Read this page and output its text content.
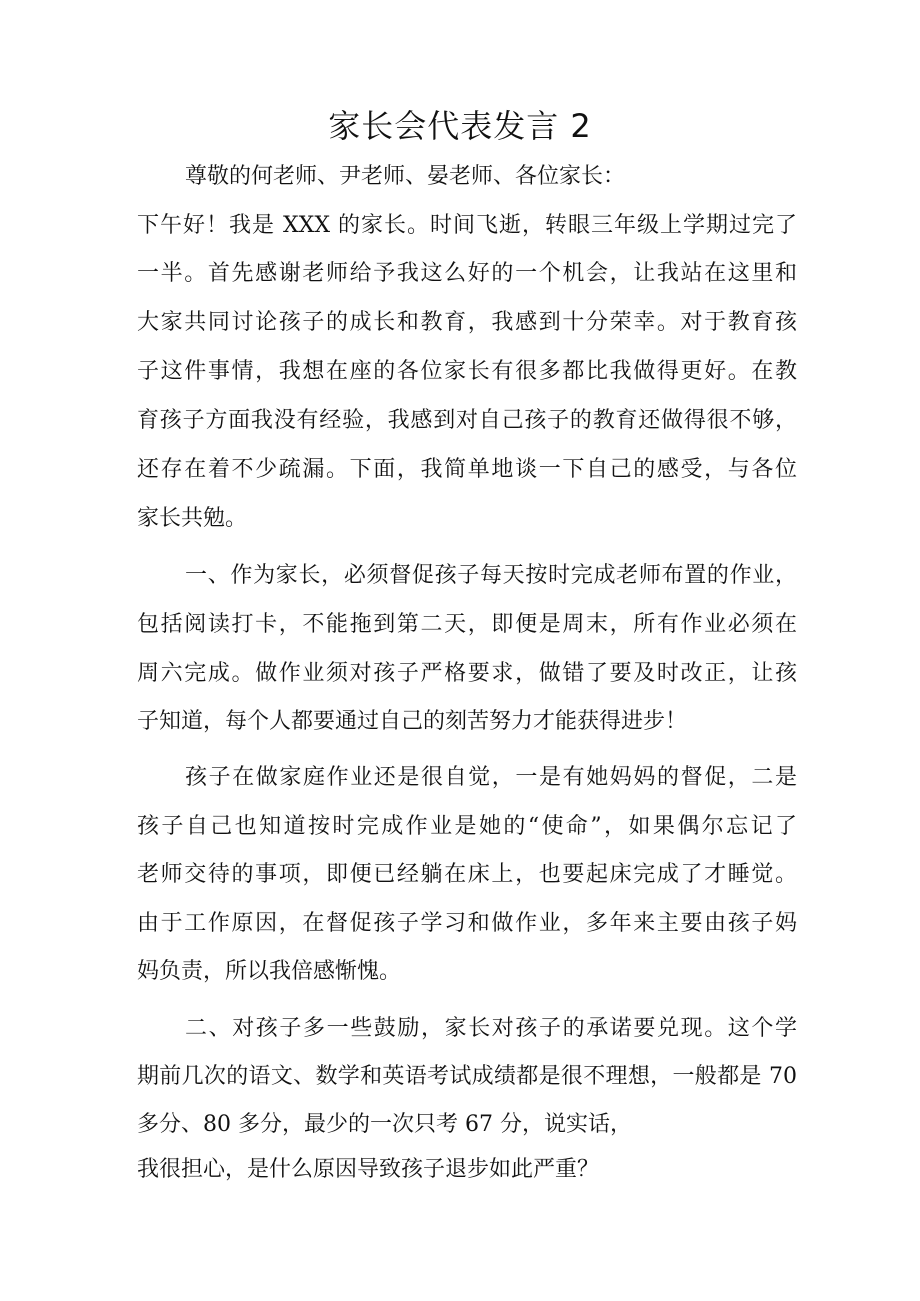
家长会代表发言 2
尊敬的何老师、尹老师、晏老师、各位家长：
下午好！我是 XXX 的家长。时间飞逝，转眼三年级上学期过完了
一半。首先感谢老师给予我这么好的一个机会，让我站在这里和
大家共同讨论孩子的成长和教育，我感到十分荣幸。对于教育孩
子这件事情，我想在座的各位家长有很多都比我做得更好。在教
育孩子方面我没有经验，我感到对自己孩子的教育还做得很不够，
还存在着不少疏漏。下面，我简单地谈一下自己的感受，与各位
家长共勉。
一、作为家长，必须督促孩子每天按时完成老师布置的作业，
包括阅读打卡，不能拖到第二天，即便是周末，所有作业必须在
周六完成。做作业须对孩子严格要求，做错了要及时改正，让孩
子知道，每个人都要通过自己的刻苦努力才能获得进步！
孩子在做家庭作业还是很自觉，一是有她妈妈的督促，二是
孩子自己也知道按时完成作业是她的“使命”，如果偶尔忘记了
老师交待的事项，即便已经躺在床上，也要起床完成了才睡觉。
由于工作原因，在督促孩子学习和做作业，多年来主要由孩子妈
妈负责，所以我倍感惭愧。
二、对孩子多一些鼓励，家长对孩子的承诺要兑现。这个学
期前几次的语文、数学和英语考试成绩都是很不理想，一般都是 70
多分、80 多分，最少的一次只考 67 分，说实话，
我很担心，是什么原因导致孩子退步如此严重？
